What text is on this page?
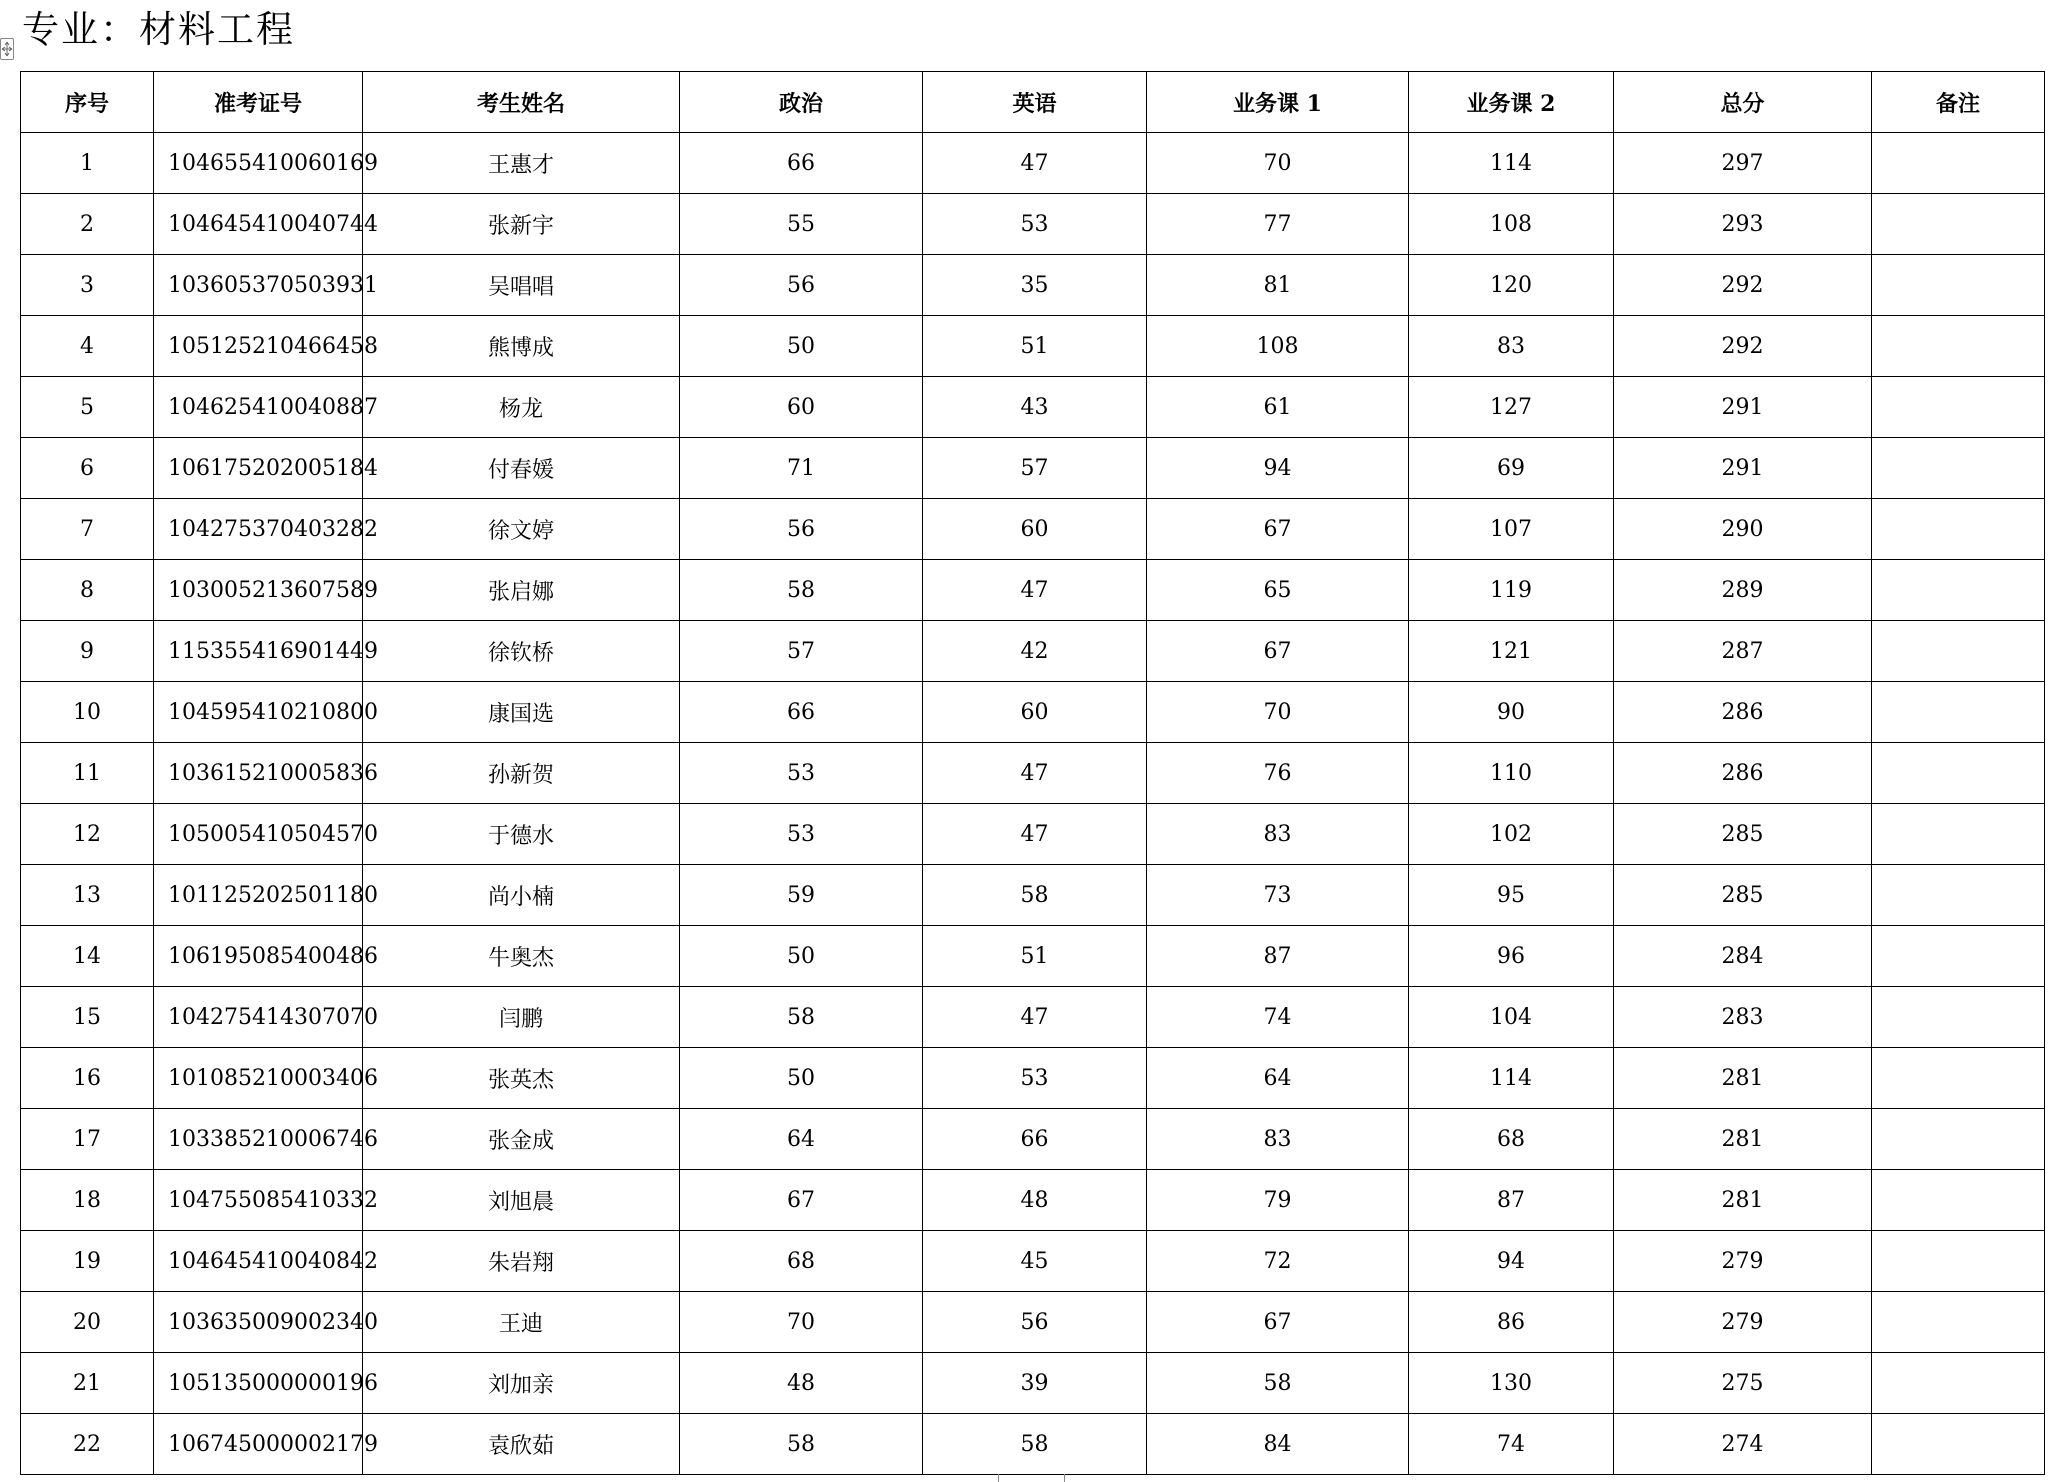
专业：材料工程
序号	准考证号	考生姓名	政治	英语	业务课 1	业务课 2	总分	备注
1	104655410060169	王惠才	66	47	70	114	297	
2	104645410040744	张新宇	55	53	77	108	293	
3	103605370503931	吴唱唱	56	35	81	120	292	
4	105125210466458	熊博成	50	51	108	83	292	
5	104625410040887	杨龙	60	43	61	127	291	
6	106175202005184	付春媛	71	57	94	69	291	
7	104275370403282	徐文婷	56	60	67	107	290	
8	103005213607589	张启娜	58	47	65	119	289	
9	115355416901449	徐钦桥	57	42	67	121	287	
10	104595410210800	康国选	66	60	70	90	286	
11	103615210005836	孙新贺	53	47	76	110	286	
12	105005410504570	于德水	53	47	83	102	285	
13	101125202501180	尚小楠	59	58	73	95	285	
14	106195085400486	牛奥杰	50	51	87	96	284	
15	104275414307070	闫鹏	58	47	74	104	283	
16	101085210003406	张英杰	50	53	64	114	281	
17	103385210006746	张金成	64	66	83	68	281	
18	104755085410332	刘旭晨	67	48	79	87	281	
19	104645410040842	朱岩翔	68	45	72	94	279	
20	103635009002340	王迪	70	56	67	86	279	
21	105135000000196	刘加亲	48	39	58	130	275	
22	106745000002179	袁欣茹	58	58	84	74	274	
